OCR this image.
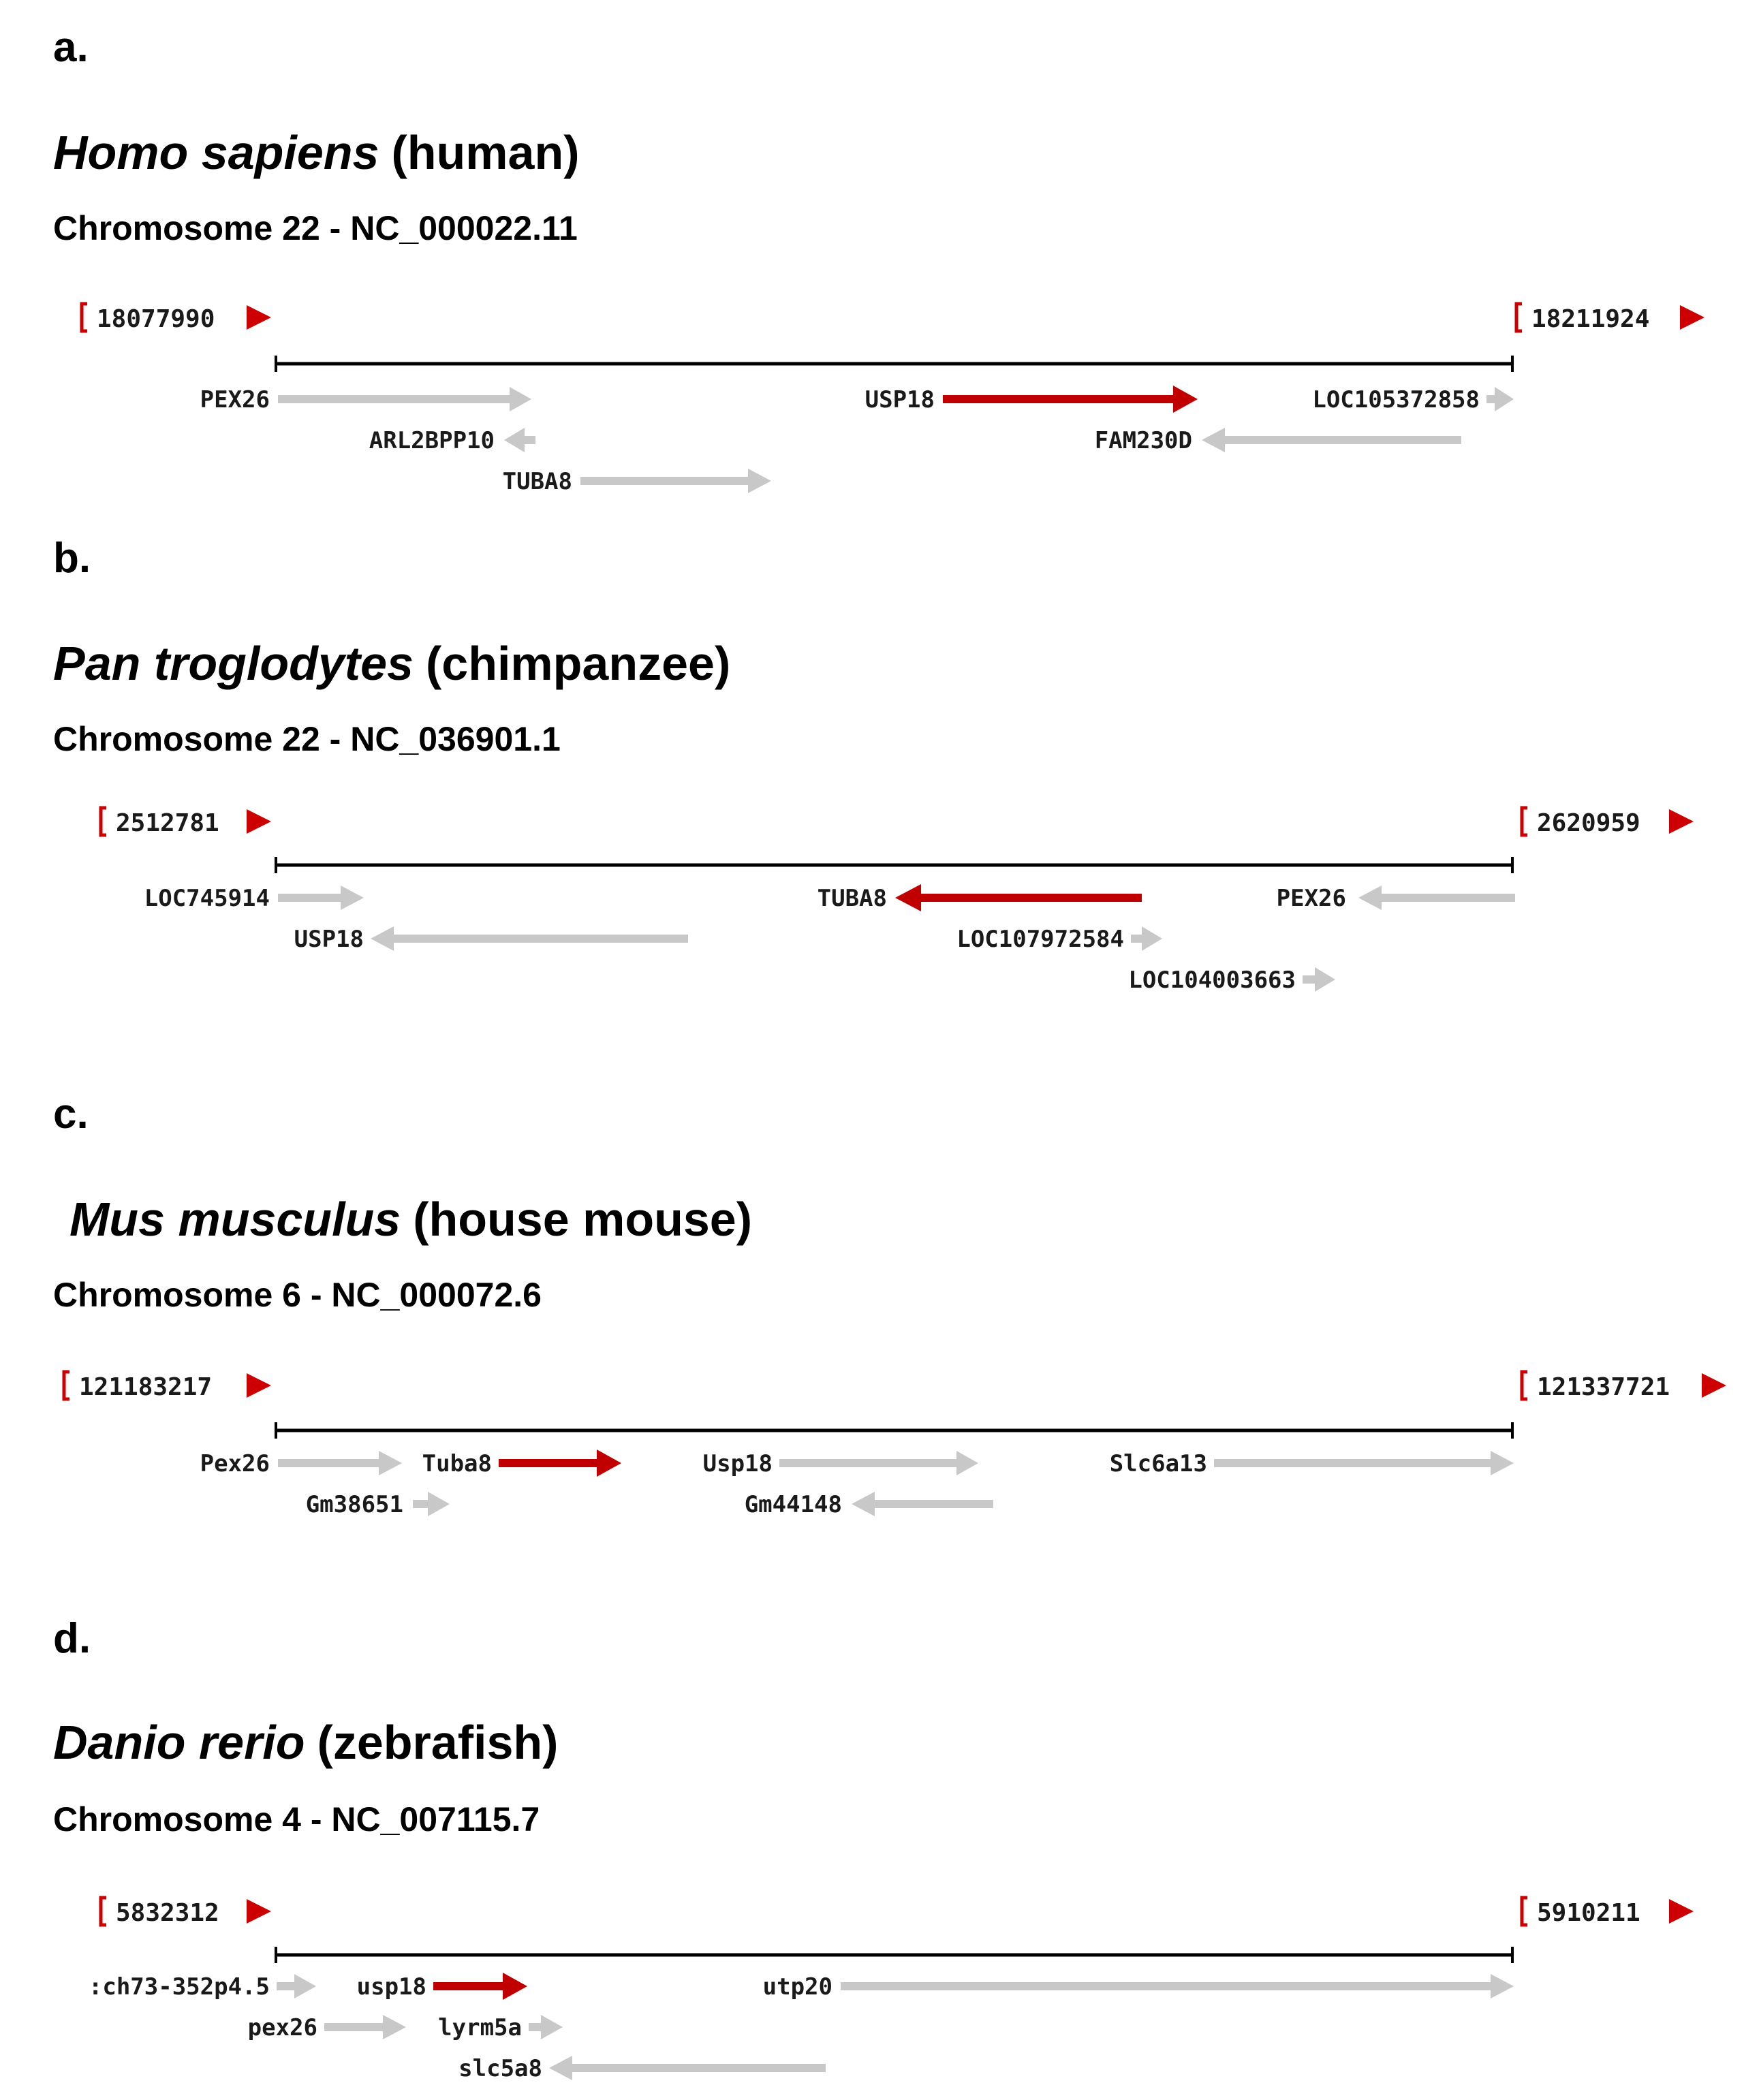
a.
Homo sapiens (human)
Chromosome 22 - NC_000022.11
18077990	18211924
PEX26
ARL2BPP10
TUBA8
USP18
FAM230D
LOC105372858
b.
Pan troglodytes (chimpanzee)
Chromosome 22 - NC_036901.1
2512781	2620959
LOC745914
USP18
TUBA8
LOC107972584
LOC104003663
PEX26
c.
Mus musculus (house mouse)
Chromosome 6 - NC_000072.6
121183217	121337721
Pex26	Tuba8
Gm38651
Usp18
Gm44148
Slc6a13
d.
Danio rerio (zebrafish)
Chromosome 4 - NC_007115.7
5832312	5910211
:ch73-352p4.5	usp18
pex26	lyrm5a
slc5a8
utp20
